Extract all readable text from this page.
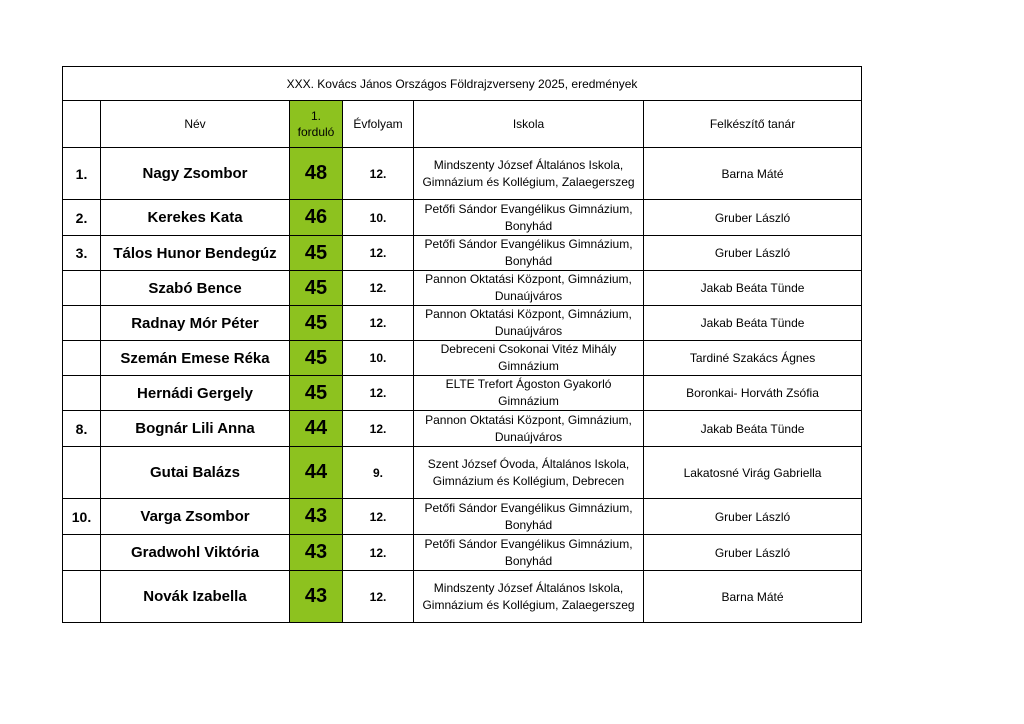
XXX. Kovács János Országos Földrajzverseny 2025, eredmények					
	Név	1.
forduló	Évfolyam	Iskola	Felkészítő tanár
1.	Nagy Zsombor	48	12.	Mindszenty József Általános Iskola,
Gimnázium és Kollégium, Zalaegerszeg	Barna Máté
2.	Kerekes Kata	46	10.	Petőfi Sándor Evangélikus Gimnázium,
Bonyhád	Gruber László
3.	Tálos Hunor Bendegúz	45	12.	Petőfi Sándor Evangélikus Gimnázium,
Bonyhád	Gruber László
	Szabó Bence	45	12.	Pannon Oktatási Központ, Gimnázium,
Dunaújváros	Jakab Beáta Tünde
	Radnay Mór Péter	45	12.	Pannon Oktatási Központ, Gimnázium,
Dunaújváros	Jakab Beáta Tünde
	Szemán Emese Réka	45	10.	Debreceni Csokonai Vitéz Mihály
Gimnázium	Tardiné Szakács Ágnes
	Hernádi Gergely	45	12.	ELTE Trefort Ágoston Gyakorló
Gimnázium	Boronkai- Horváth Zsófia
8.	Bognár Lili Anna	44	12.	Pannon Oktatási Központ, Gimnázium,
Dunaújváros	Jakab Beáta Tünde
	Gutai Balázs	44	9.	Szent József Óvoda, Általános Iskola,
Gimnázium és Kollégium, Debrecen	Lakatosné Virág Gabriella
10.	Varga Zsombor	43	12.	Petőfi Sándor Evangélikus Gimnázium,
Bonyhád	Gruber László
	Gradwohl Viktória	43	12.	Petőfi Sándor Evangélikus Gimnázium,
Bonyhád	Gruber László
	Novák Izabella	43	12.	Mindszenty József Általános Iskola,
Gimnázium és Kollégium, Zalaegerszeg	Barna Máté
